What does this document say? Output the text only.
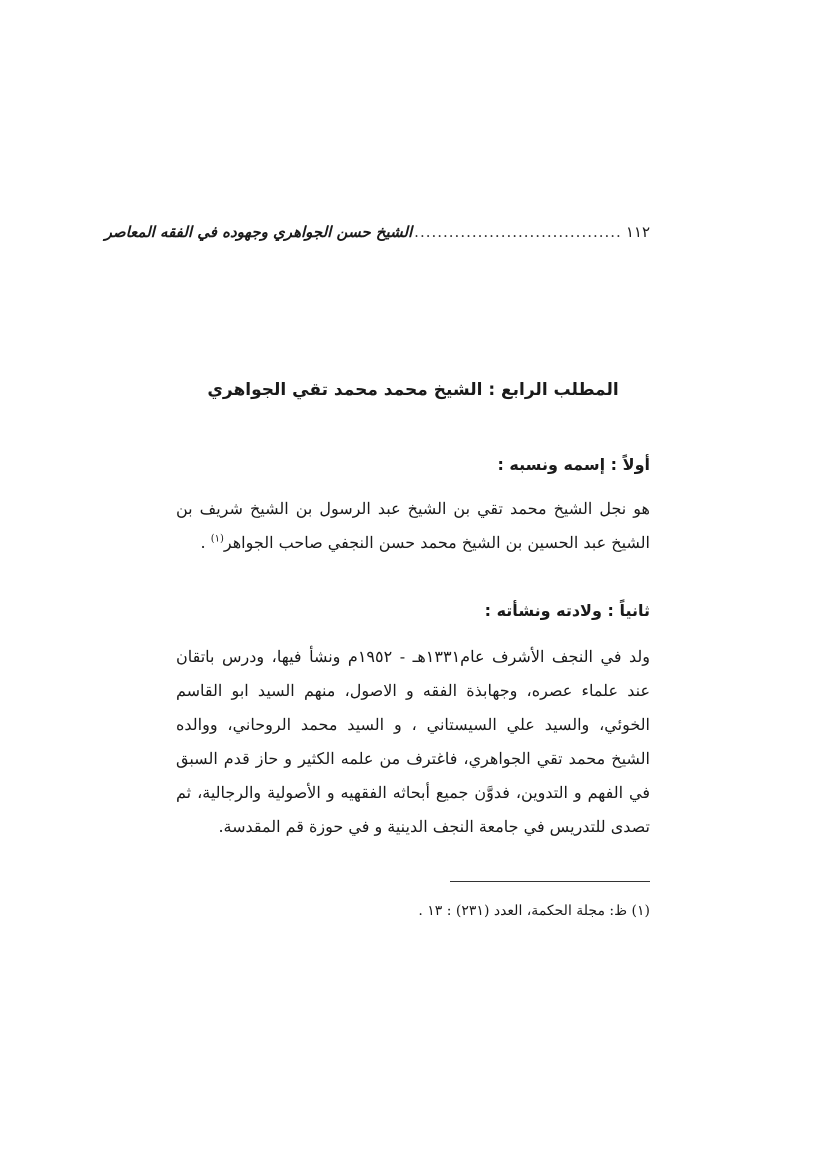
١١٢
....................................
الشيخ حسن الجواهري وجهوده في الفقه المعاصر
المطلب الرابع : الشيخ محمد محمد تقي الجواهري
أولاً : إسمه ونسبه :

هو نجل الشيخ محمد تقي بن الشيخ عبد الرسول بن الشيخ شريف بن الشيخ عبد الحسين بن الشيخ محمد حسن النجفي صاحب الجواهر$^{(١)}$ .

ثانياً : ولادته ونشأته :

ولد في النجف الأشرف عام١٣٣١هـ - ١٩٥٢م ونشأ فيها، ودرس باتقان عند علماء عصره، وجهابذة الفقه و الاصول، منهم السيد ابو القاسم الخوئي، والسيد علي السيستاني ، و السيد محمد الروحاني، ووالده الشيخ محمد تقي الجواهري، فاغترف من علمه الكثير و حاز قدم السبق في الفهم و التدوين، فدوَّن جميع أبحاثه الفقهيه و الأصولية والرجالية، ثم تصدى للتدريس في جامعة النجف الدينية و في حوزة قم المقدسة.

(١) ظ: مجلة الحكمة، العدد (٢٣١) : ١٣ .
